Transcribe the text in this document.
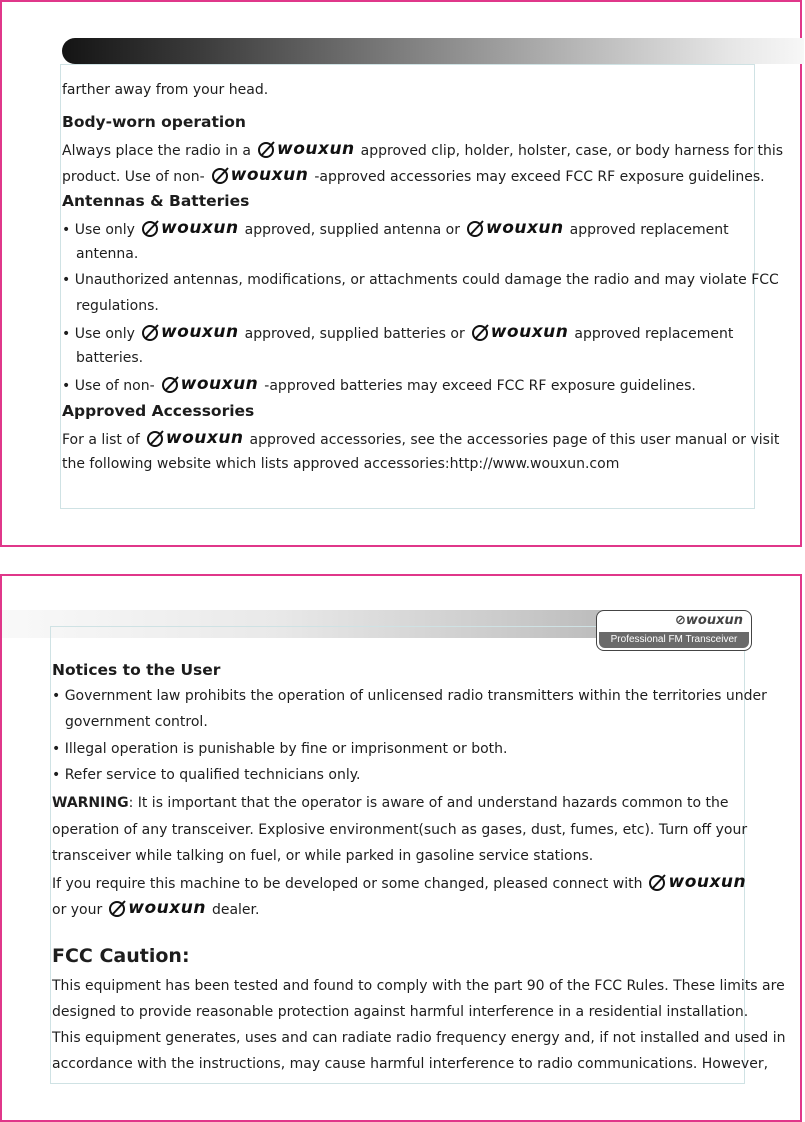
farther away from your head.
Body-worn operation
Always place the radio in a wouxun approved clip, holder, holster, case, or body harness for this
product. Use of non- wouxun -approved accessories may exceed FCC RF exposure guidelines.
Antennas & Batteries
• Use only wouxun approved, supplied antenna or wouxun approved replacement
antenna.
• Unauthorized antennas, modifications, or attachments could damage the radio and may violate FCC
regulations.
• Use only wouxun approved, supplied batteries or wouxun approved replacement
batteries.
• Use of non- wouxun -approved batteries may exceed FCC RF exposure guidelines.
Approved Accessories
For a list of wouxun approved accessories, see the accessories page of this user manual or visit
the following website which lists approved accessories:http://www.wouxun.com
⊘wouxun
Professional FM Transceiver
Notices to the User
• Government law prohibits the operation of unlicensed radio transmitters within the territories under
government control.
• Illegal operation is punishable by fine or imprisonment or both.
• Refer service to qualified technicians only.
WARNING: It is important that the operator is aware of and understand hazards common to the
operation of any transceiver. Explosive environment(such as gases, dust, fumes, etc). Turn off your
transceiver while talking on fuel, or while parked in gasoline service stations.
If you require this machine to be developed or some changed, pleased connect with wouxun
or your wouxun dealer.
FCC Caution:
This equipment has been tested and found to comply with the part 90 of the FCC Rules. These limits are
designed to provide reasonable protection against harmful interference in a residential installation.
This equipment generates, uses and can radiate radio frequency energy and, if not installed and used in
accordance with the instructions, may cause harmful interference to radio communications. However,
